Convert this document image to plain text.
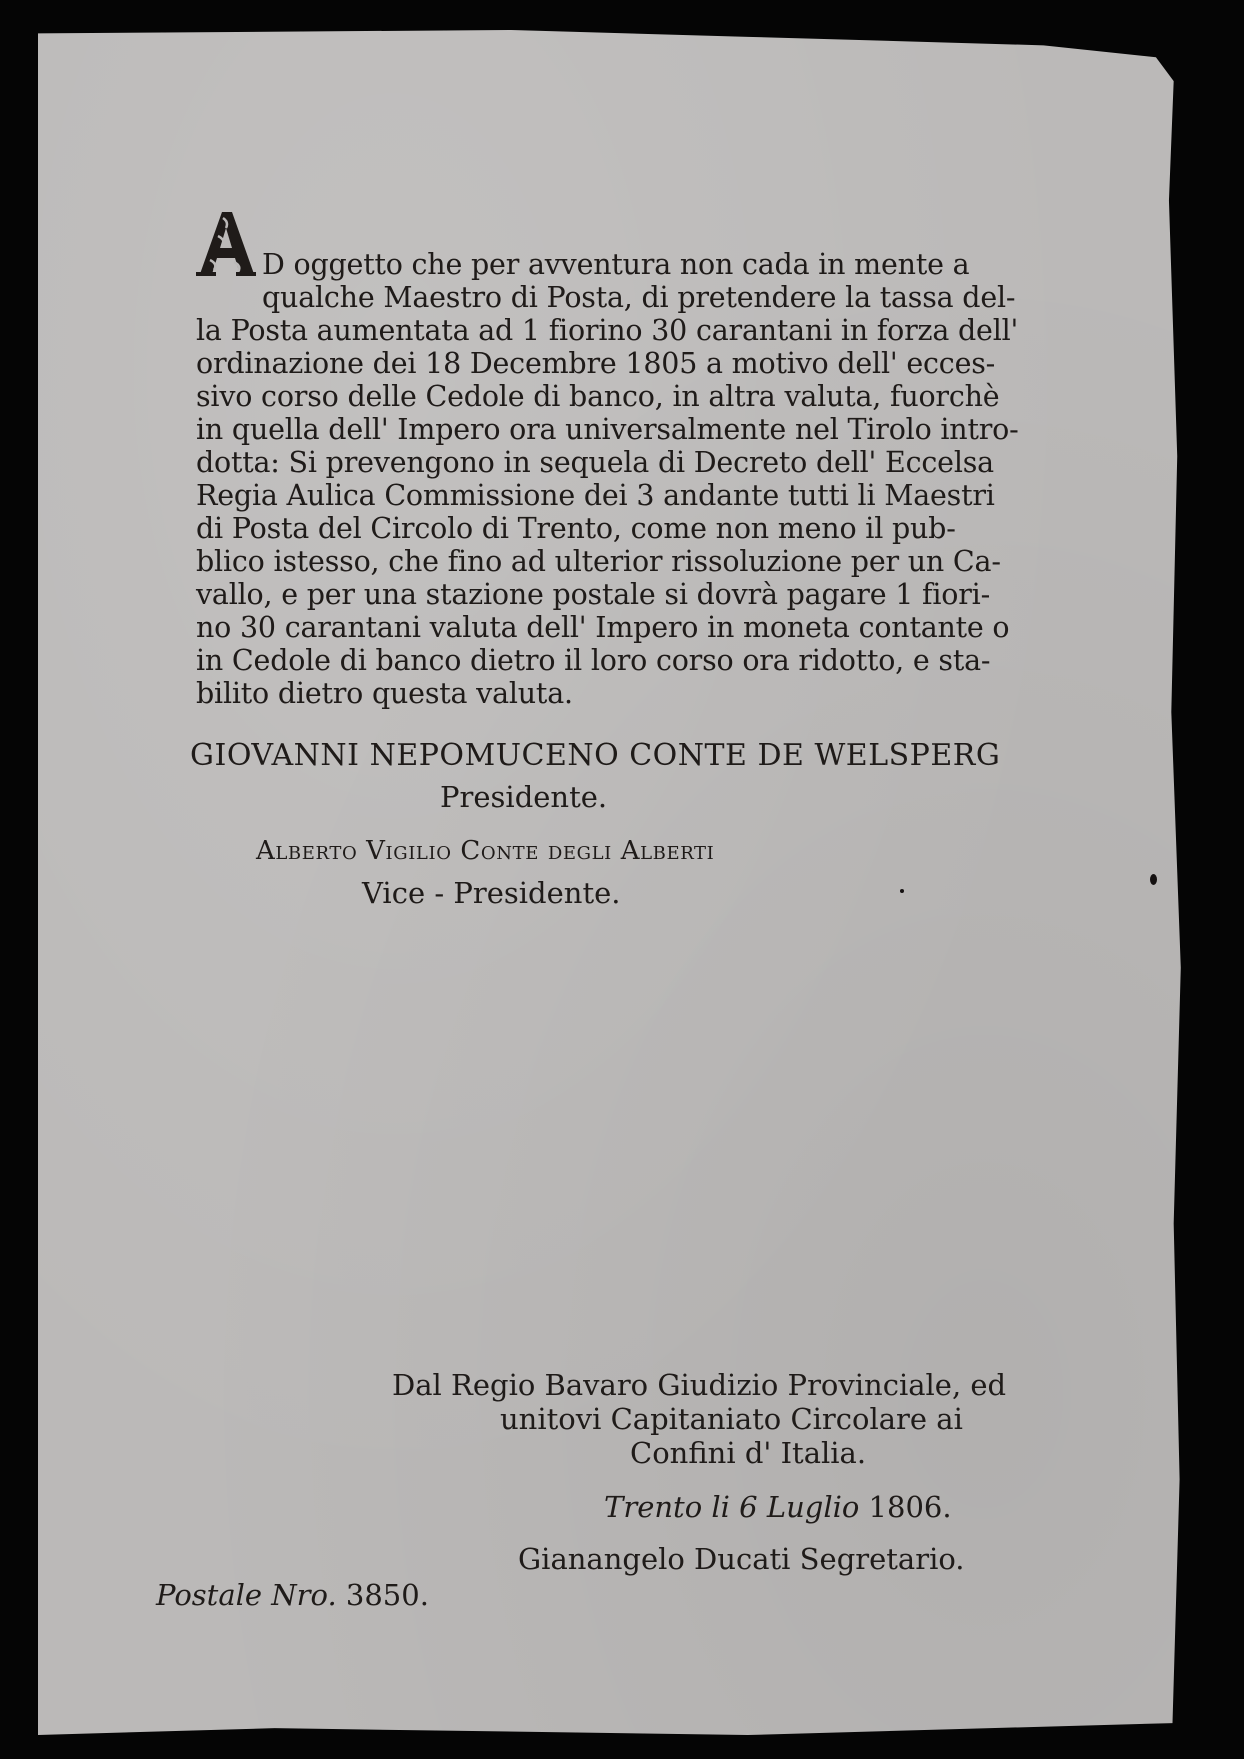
D oggetto che per avventura non cada in mente a
qualche Maestro di Posta, di pretendere la tassa del-
la Posta aumentata ad 1 fiorino 30 carantani in forza dell'
ordinazione dei 18 Decembre 1805 a motivo dell' ecces-
sivo corso delle Cedole di banco, in altra valuta, fuorchè
in quella dell' Impero ora universalmente nel Tirolo intro-
dotta: Si prevengono in sequela di Decreto dell' Eccelsa
Regia Aulica Commissione dei 3 andante tutti li Maestri
di Posta del Circolo di Trento, come non meno il pub-
blico istesso, che fino ad ulterior rissoluzione per un Ca-
vallo, e per una stazione postale si dovrà pagare 1 fiori-
no 30 carantani valuta dell' Impero in moneta contante o
in Cedole di banco dietro il loro corso ora ridotto, e sta-
bilito dietro questa valuta.
GIOVANNI NEPOMUCENO CONTE DE WELSPERG
Presidente.
Alberto Vigilio Conte degli Alberti
Vice - Presidente.
Dal Regio Bavaro Giudizio Provinciale, ed
unitovi Capitaniato Circolare ai
Confini d' Italia.
Trento li 6 Luglio 1806.
Gianangelo Ducati Segretario.
Postale Nro. 3850.
